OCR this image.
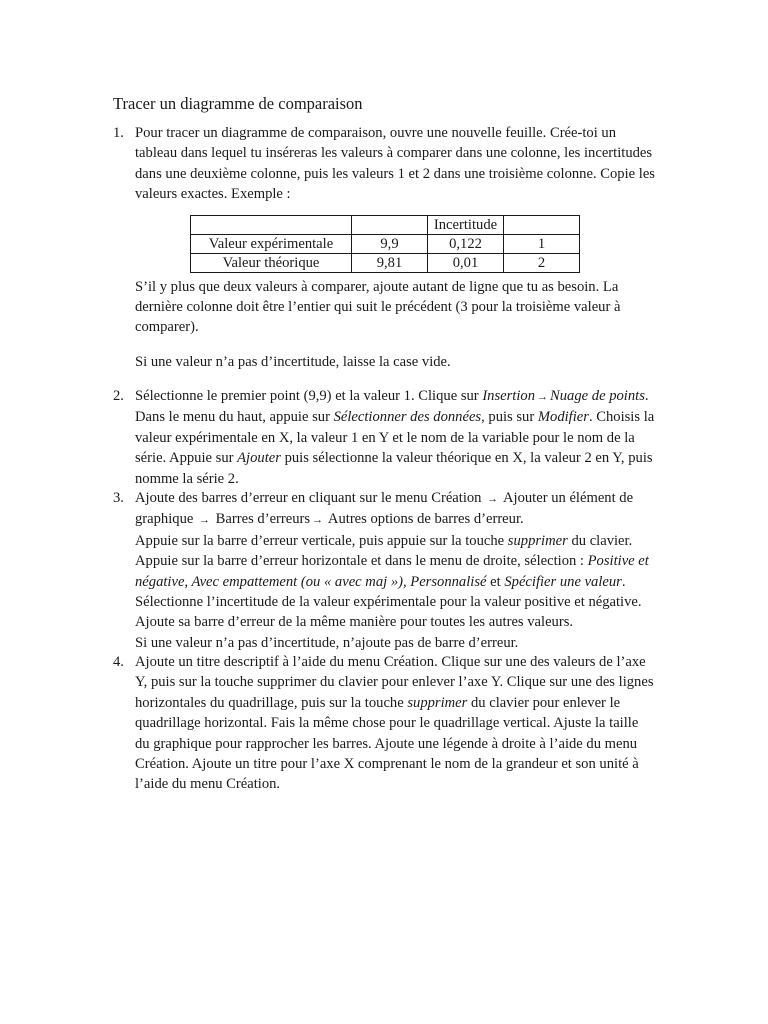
Tracer un diagramme de comparaison
1. Pour tracer un diagramme de comparaison, ouvre une nouvelle feuille. Crée-toi un tableau dans lequel tu inséreras les valeurs à comparer dans une colonne, les incertitudes dans une deuxième colonne, puis les valeurs 1 et 2 dans une troisième colonne. Copie les valeurs exactes. Exemple :

		Incertitude	
Valeur expérimentale	9,9	0,122	1
Valeur théorique	9,81	0,01	2

S’il y plus que deux valeurs à comparer, ajoute autant de ligne que tu as besoin. La dernière colonne doit être l’entier qui suit le précédent (3 pour la troisième valeur à comparer).

Si une valeur n’a pas d’incertitude, laisse la case vide.

2. Sélectionne le premier point (9,9) et la valeur 1. Clique sur Insertion → Nuage de points. Dans le menu du haut, appuie sur Sélectionner des données, puis sur Modifier. Choisis la valeur expérimentale en X, la valeur 1 en Y et le nom de la variable pour le nom de la série. Appuie sur Ajouter puis sélectionne la valeur théorique en X, la valeur 2 en Y, puis nomme la série 2.

3. Ajoute des barres d’erreur en cliquant sur le menu Création → Ajouter un élément de graphique → Barres d’erreurs → Autres options de barres d’erreur.

Appuie sur la barre d’erreur verticale, puis appuie sur la touche supprimer du clavier. Appuie sur la barre d’erreur horizontale et dans le menu de droite, sélection : Positive et négative, Avec empattement (ou « avec maj »), Personnalisé et Spécifier une valeur. Sélectionne l’incertitude de la valeur expérimentale pour la valeur positive et négative. Ajoute sa barre d’erreur de la même manière pour toutes les autres valeurs.

Si une valeur n’a pas d’incertitude, n’ajoute pas de barre d’erreur.

4. Ajoute un titre descriptif à l’aide du menu Création. Clique sur une des valeurs de l’axe Y, puis sur la touche supprimer du clavier pour enlever l’axe Y. Clique sur une des lignes horizontales du quadrillage, puis sur la touche supprimer du clavier pour enlever le quadrillage horizontal. Fais la même chose pour le quadrillage vertical. Ajuste la taille du graphique pour rapprocher les barres. Ajoute une légende à droite à l’aide du menu Création. Ajoute un titre pour l’axe X comprenant le nom de la grandeur et son unité à l’aide du menu Création.
